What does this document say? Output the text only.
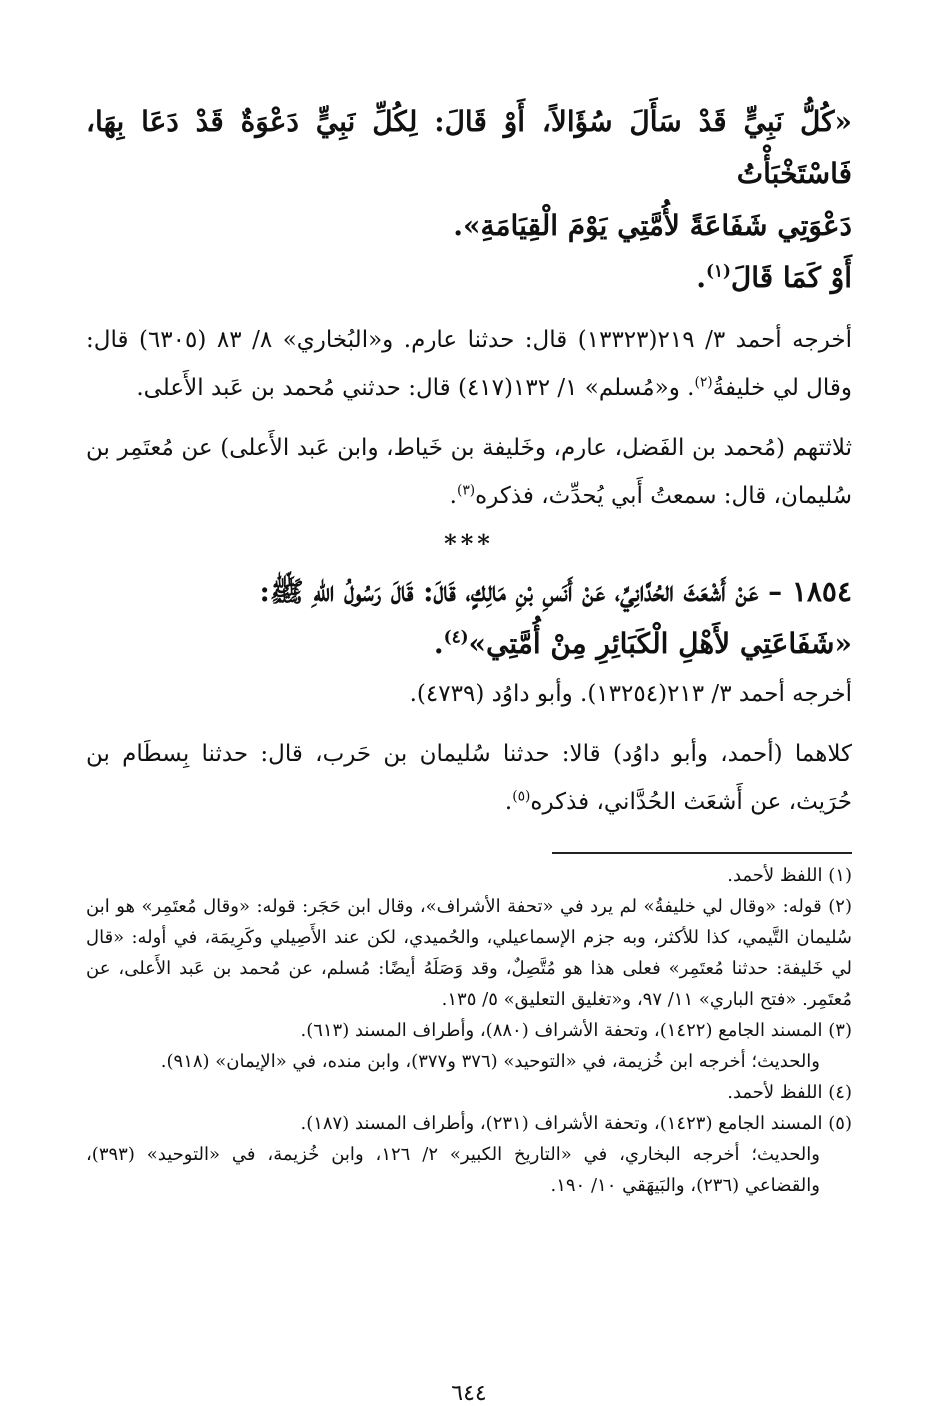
«كُلُّ نَبِيٍّ قَدْ سَأَلَ سُؤَالاً، أَوْ قَالَ: لِكُلِّ نَبِيٍّ دَعْوَةٌ قَدْ دَعَا بِهَا، فَاسْتَخْبَأْتُ
دَعْوَتِي شَفَاعَةً لأُمَّتِي يَوْمَ الْقِيَامَةِ».
أَوْ كَمَا قَالَ$^{(١)}$.
أخرجه أحمد ٣/ ٢١٩(١٣٣٢٣) قال: حدثنا عارم. و«البُخاري» ٨/ ٨٣ (٦٣٠٥) قال: وقال لي خليفةُ$^{(٢)}$. و«مُسلم» ١/ ١٣٢(٤١٧) قال: حدثني مُحمد بن عَبد الأَعلى.
ثلاثتهم (مُحمد بن الفَضل، عارم، وخَليفة بن خَياط، وابن عَبد الأَعلى) عن مُعتَمِر بن سُليمان، قال: سمعتُ أَبي يُحدِّث، فذكره$^{(٣)}$.
***
١٨٥٤ – عَنْ أَشْعَثَ الحُدَّانِيِّ، عَنْ أَنَسِ بْنِ مَالِكٍ، قَالَ: قَالَ رَسُولُ اللهِ ﷺ:
«شَفَاعَتِي لأَهْلِ الْكَبَائِرِ مِنْ أُمَّتِي»$^{(٤)}$.
أخرجه أحمد ٣/ ٢١٣(١٣٢٥٤). وأبو داوُد (٤٧٣٩).
كلاهما (أحمد، وأبو داوُد) قالا: حدثنا سُليمان بن حَرب، قال: حدثنا بِسطَام بن حُرَيث، عن أَشعَث الحُدَّاني، فذكره$^{(٥)}$.
(١) اللفظ لأحمد.
(٢) قوله: «وقال لي خليفةُ» لم يرد في «تحفة الأشراف»، وقال ابن حَجَر: قوله: «وقال مُعتَمِر» هو ابن سُليمان التَّيمي، كذا للأكثر، وبه جزم الإسماعيلي، والحُميدي، لكن عند الأَصِيلي وكَرِيمَة، في أوله: «قال لي خَليفة: حدثنا مُعتَمِر» فعلى هذا هو مُتَّصِلٌ، وقد وَصَلَهُ أيضًا: مُسلم، عن مُحمد بن عَبد الأَعلى، عن مُعتَمِر. «فتح الباري» ١١/ ٩٧، و«تغليق التعليق» ٥/ ١٣٥.
(٣) المسند الجامع (١٤٢٢)، وتحفة الأشراف (٨٨٠)، وأطراف المسند (٦١٣).
والحديث؛ أخرجه ابن خُزيمة، في «التوحيد» (٣٧٦ و٣٧٧)، وابن منده، في «الإيمان» (٩١٨).
(٤) اللفظ لأحمد.
(٥) المسند الجامع (١٤٢٣)، وتحفة الأشراف (٢٣١)، وأطراف المسند (١٨٧).
والحديث؛ أخرجه البخاري، في «التاريخ الكبير» ٢/ ١٢٦، وابن خُزيمة، في «التوحيد» (٣٩٣)، والقضاعي (٢٣٦)، والبَيهَقي ١٠/ ١٩٠.
٦٤٤
